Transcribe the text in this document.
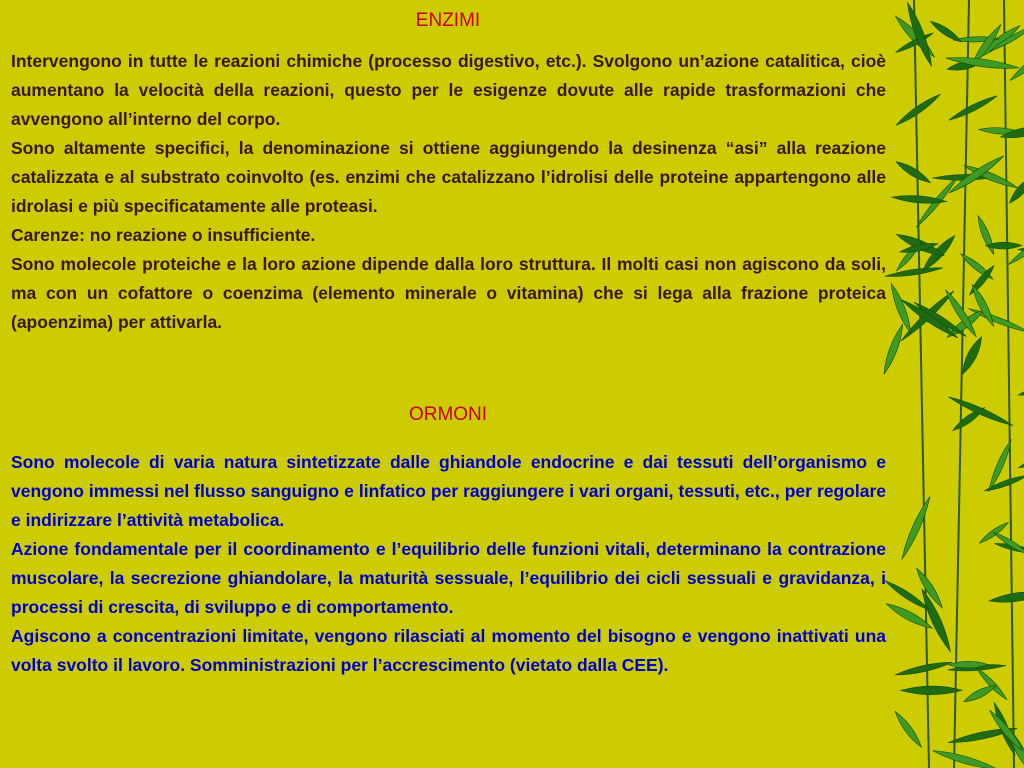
ENZIMI

Intervengono in tutte le reazioni chimiche (processo digestivo, etc.). Svolgono un’azione catalitica, cioè aumentano la velocità della reazioni, questo per le esigenze dovute alle rapide trasformazioni che avvengono all’interno del corpo.

Sono altamente specifici, la denominazione si ottiene aggiungendo la desinenza “asi” alla reazione catalizzata e al substrato coinvolto (es. enzimi che catalizzano l’idrolisi delle proteine appartengono alle idrolasi e più specificatamente alle proteasi.

Carenze: no reazione o insufficiente.

Sono molecole proteiche e la loro azione dipende dalla loro struttura. Il molti casi non agiscono da soli, ma con un cofattore o coenzima (elemento minerale o vitamina) che si lega alla frazione proteica (apoenzima) per attivarla.

ORMONI

Sono molecole di varia natura sintetizzate dalle ghiandole endocrine e dai tessuti dell’organismo e vengono immessi nel flusso sanguigno e linfatico per raggiungere i vari organi, tessuti, etc., per regolare e indirizzare l’attività metabolica.

Azione fondamentale per il coordinamento e l’equilibrio delle funzioni vitali, determinano la contrazione muscolare, la secrezione ghiandolare, la maturità sessuale, l’equilibrio dei cicli sessuali e gravidanza, i processi di crescita, di sviluppo e di comportamento.

Agiscono a concentrazioni limitate, vengono rilasciati al momento del bisogno e vengono inattivati una volta svolto il lavoro. Somministrazioni per l’accrescimento (vietato dalla CEE).
